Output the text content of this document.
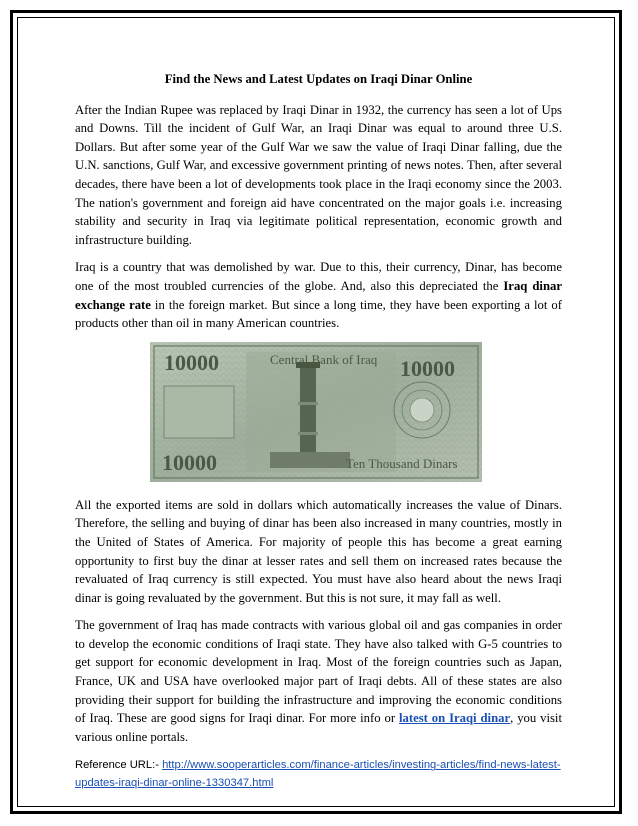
Find the News and Latest Updates on Iraqi Dinar Online

After the Indian Rupee was replaced by Iraqi Dinar in 1932, the currency has seen a lot of Ups and Downs. Till the incident of Gulf War, an Iraqi Dinar was equal to around three U.S. Dollars. But after some year of the Gulf War we saw the value of Iraqi Dinar falling, due the U.N. sanctions, Gulf War, and excessive government printing of news notes. Then, after several decades, there have been a lot of developments took place in the Iraqi economy since the 2003. The nation's government and foreign aid have concentrated on the major goals i.e. increasing stability and security in Iraq via legitimate political representation, economic growth and infrastructure building.

Iraq is a country that was demolished by war. Due to this, their currency, Dinar, has become one of the most troubled currencies of the globe. And, also this depreciated the Iraq dinar exchange rate in the foreign market. But since a long time, they have been exporting a lot of products other than oil in many American countries.

10000	10000
10000
Central Bank of Iraq
Ten Thousand Dinars

All the exported items are sold in dollars which automatically increases the value of Dinars. Therefore, the selling and buying of dinar has been also increased in many countries, mostly in the United of States of America. For majority of people this has become a great earning opportunity to first buy the dinar at lesser rates and sell them on increased rates because the revaluated of Iraq currency is still expected. You must have also heard about the news Iraqi dinar is going revaluated by the government. But this is not sure, it may fall as well.

The government of Iraq has made contracts with various global oil and gas companies in order to develop the economic conditions of Iraqi state. They have also talked with G-5 countries to get support for economic development in Iraq. Most of the foreign countries such as Japan, France, UK and USA have overlooked major part of Iraqi debts. All of these states are also providing their support for building the infrastructure and improving the economic conditions of Iraq. These are good signs for Iraqi dinar. For more info or latest on Iraqi dinar, you visit various online portals.

Reference URL:- http://www.sooperarticles.com/finance-articles/investing-articles/find-news-latest-updates-iraqi-dinar-online-1330347.html
